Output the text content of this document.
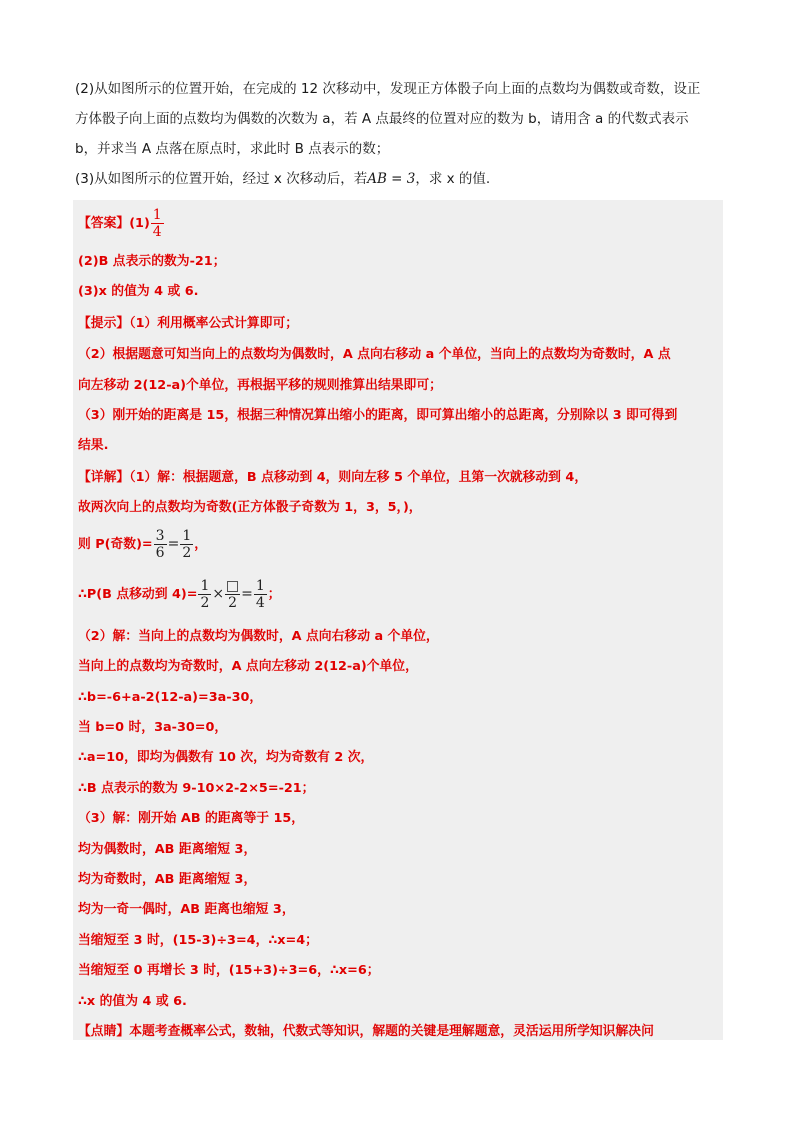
(2)从如图所示的位置开始，在完成的 12 次移动中，发现正方体骰子向上面的点数均为偶数或奇数，设正
方体骰子向上面的点数均为偶数的次数为 a，若 A 点最终的位置对应的数为 b，请用含 a 的代数式表示
b，并求当 A 点落在原点时，求此时 B 点表示的数；
(3)从如图所示的位置开始，经过 x 次移动后，若AB = 3，求 x 的值.
【答案】$(1) \frac{1}{4}$
(2)B 点表示的数为-21；
(3)x 的值为 4 或 6.
【提示】（1）利用概率公式计算即可；
（2）根据题意可知当向上的点数均为偶数时，A 点向右移动 a 个单位，当向上的点数均为奇数时，A 点
向左移动 2(12-a)个单位，再根据平移的规则推算出结果即可；
（3）刚开始的距离是 15，根据三种情况算出缩小的距离，即可算出缩小的总距离，分别除以 3 即可得到
结果.
【详解】（1）解：根据题意，B 点移动到 4，则向左移 5 个单位，且第一次就移动到 4，
故两次向上的点数均为奇数(正方体骰子奇数为 1，3，5，)，
则 P(奇数)= $\frac{3}{6} = \frac{1}{2}$ ，
∴P(B 点移动到 $4)= \frac{1}{2}$ ×
2
= $\frac{1}{4}$ ；
（2）解：当向上的点数均为偶数时，A 点向右移动 a 个单位，
当向上的点数均为奇数时，A 点向左移动 2(12-a)个单位，
∴b=-6+a-2(12-a)=3a-30，
当 b=0 时，3a-30=0，
∴a=10，即均为偶数有 10 次，均为奇数有 2 次，
∴B 点表示的数为 9-10×2-2×5=-21；
（3）解：刚开始 AB 的距离等于 15，
均为偶数时，AB 距离缩短 3，
均为奇数时，AB 距离缩短 3，
均为一奇一偶时，AB 距离也缩短 3，
当缩短至 3 时，(15-3)÷3=4，∴x=4；
当缩短至 0 再增长 3 时，(15+3)÷3=6，∴x=6；
∴x 的值为 4 或 6.
【点睛】本题考查概率公式，数轴，代数式等知识，解题的关键是理解题意，灵活运用所学知识解决问
